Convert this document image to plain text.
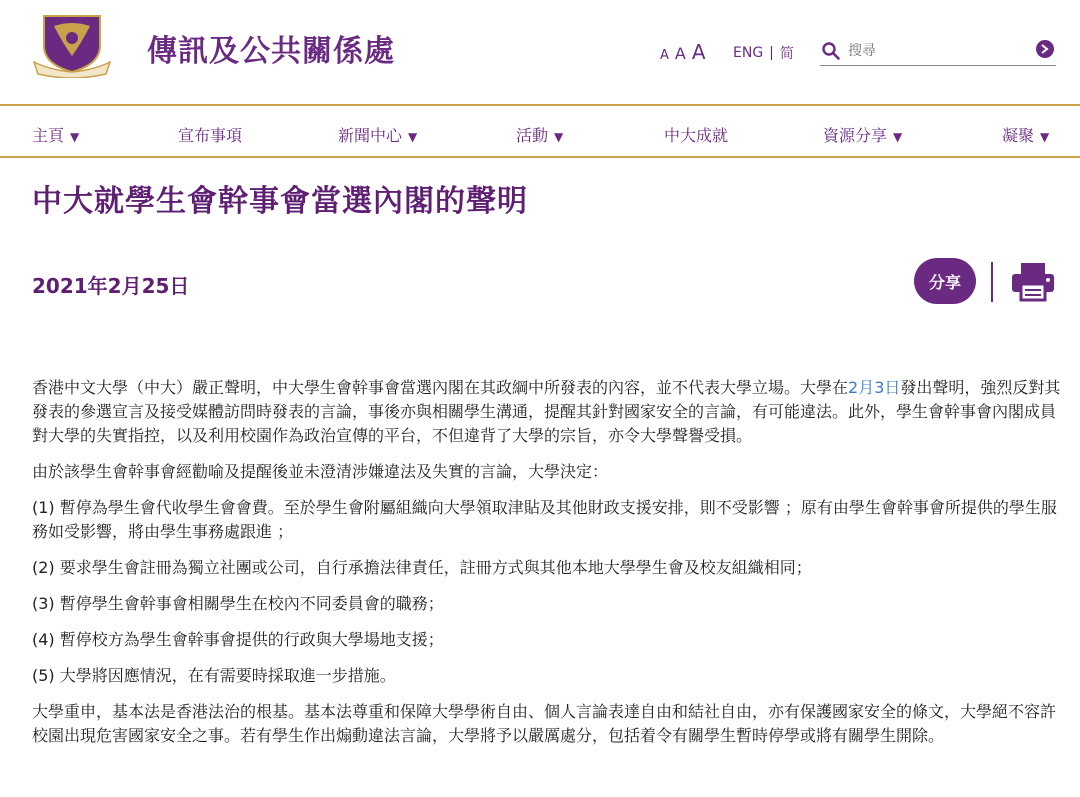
傳訊及公共關係處	A A A ENG | 简
搜尋
主頁 ▼	宣布事項	新聞中心 ▼	活動 ▼	中大成就	資源分享 ▼	凝聚 ▼
中大就學生會幹事會當選內閣的聲明
2021年2月25日	分享

香港中文大學（中大）嚴正聲明，中大學生會幹事會當選內閣在其政綱中所發表的內容，並不代表大學立場。大學在2月3日發出聲明，強烈反對其發表的參選宣言及接受媒體訪問時發表的言論，事後亦與相關學生溝通，提醒其針對國家安全的言論，有可能違法。此外，學生會幹事會內閣成員對大學的失實指控，以及利用校園作為政治宣傳的平台，不但違背了大學的宗旨，亦令大學聲譽受損。

由於該學生會幹事會經勸喻及提醒後並未澄清涉嫌違法及失實的言論，大學決定：

(1) 暫停為學生會代收學生會會費。至於學生會附屬組織向大學領取津貼及其他財政支援安排，則不受影響 ；原有由學生會幹事會所提供的學生服務如受影響，將由學生事務處跟進 ；

(2) 要求學生會註冊為獨立社團或公司，自行承擔法律責任，註冊方式與其他本地大學學生會及校友組織相同；

(3) 暫停學生會幹事會相關學生在校內不同委員會的職務；

(4) 暫停校方為學生會幹事會提供的行政與大學場地支援；

(5) 大學將因應情況，在有需要時採取進一步措施。

大學重申，基本法是香港法治的根基。基本法尊重和保障大學學術自由、個人言論表達自由和結社自由，亦有保護國家安全的條文，大學絕不容許校園出現危害國家安全之事。若有學生作出煽動違法言論，大學將予以嚴厲處分，包括着令有關學生暫時停學或將有關學生開除。
